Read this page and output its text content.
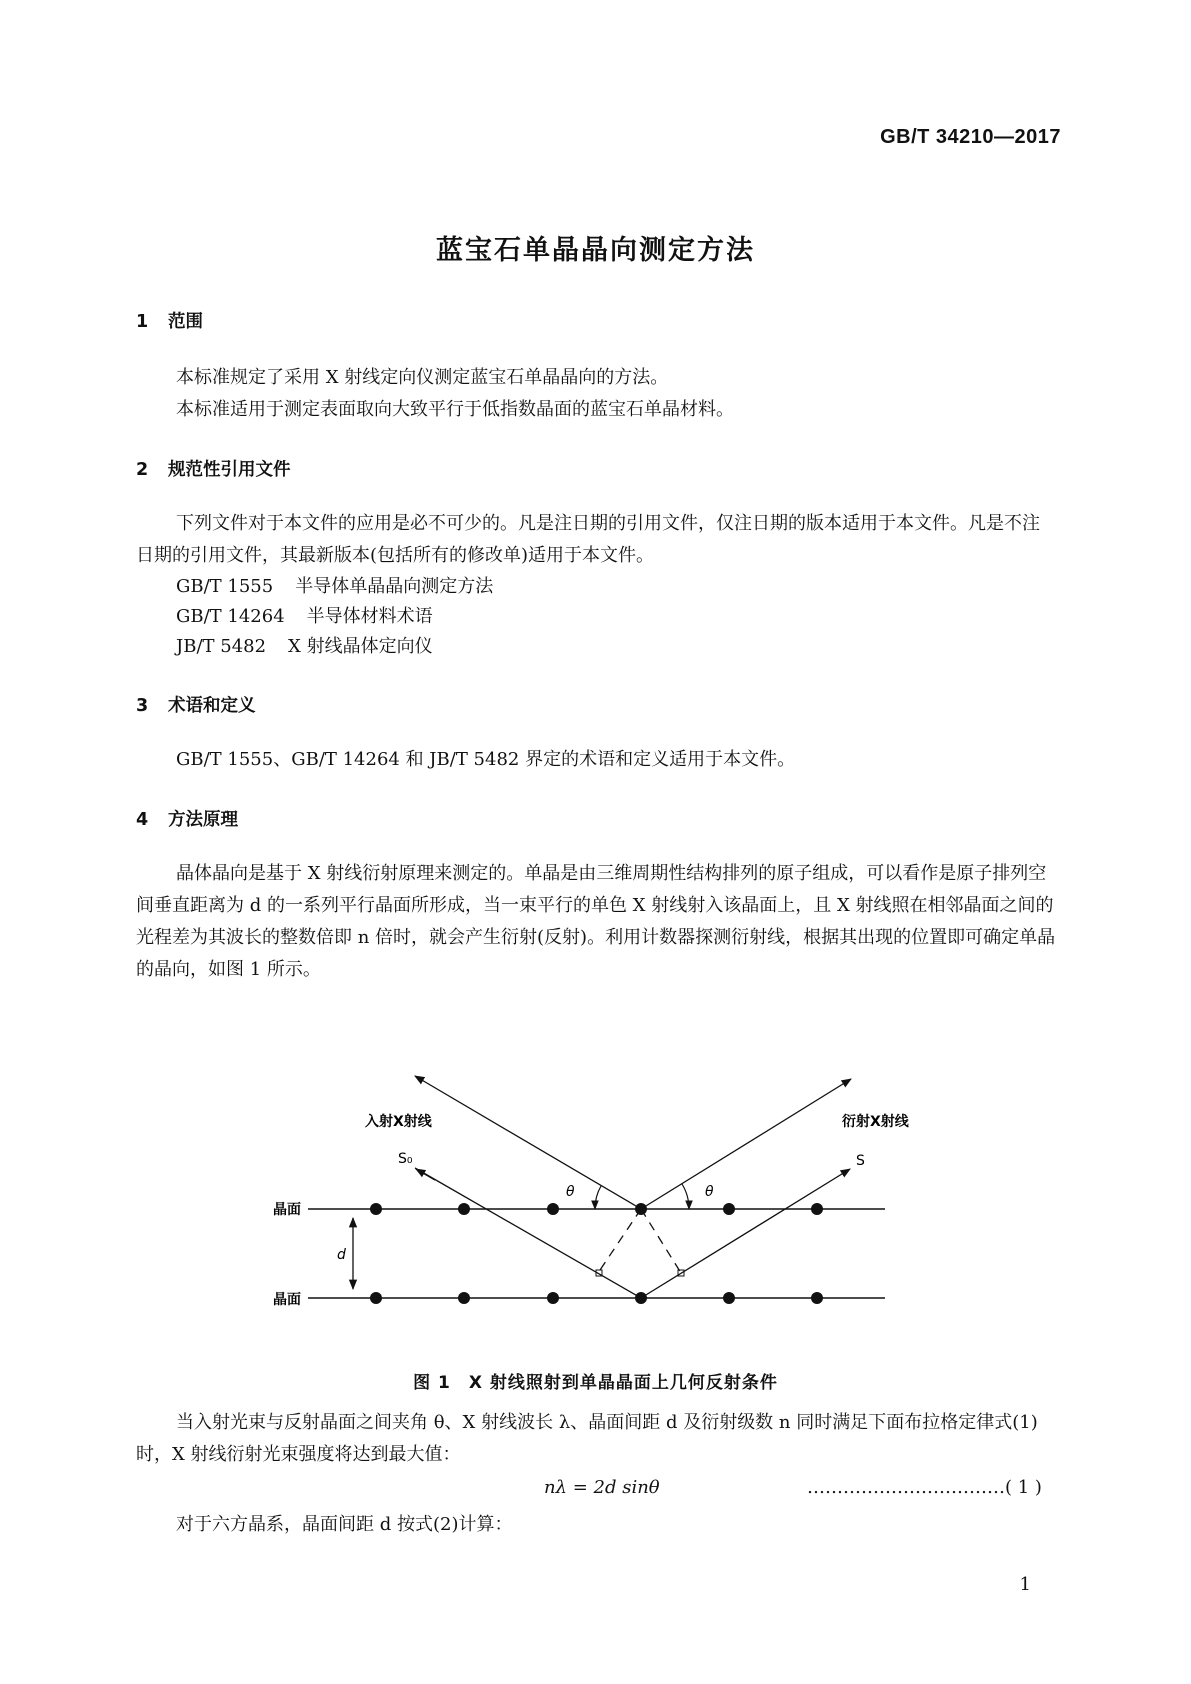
GB/T 34210—2017
蓝宝石单晶晶向测定方法
1 范围
本标准规定了采用 X 射线定向仪测定蓝宝石单晶晶向的方法。
本标准适用于测定表面取向大致平行于低指数晶面的蓝宝石单晶材料。
2 规范性引用文件
下列文件对于本文件的应用是必不可少的。凡是注日期的引用文件，仅注日期的版本适用于本文件。凡是不注日期的引用文件，其最新版本(包括所有的修改单)适用于本文件。
GB/T 1555 半导体单晶晶向测定方法
GB/T 14264 半导体材料术语
JB/T 5482 X 射线晶体定向仪
3 术语和定义
GB/T 1555、GB/T 14264 和 JB/T 5482 界定的术语和定义适用于本文件。
4 方法原理
晶体晶向是基于 X 射线衍射原理来测定的。单晶是由三维周期性结构排列的原子组成，可以看作是原子排列空间垂直距离为 d 的一系列平行晶面所形成，当一束平行的单色 X 射线射入该晶面上，且 X 射线照在相邻晶面之间的光程差为其波长的整数倍即 n 倍时，就会产生衍射(反射)。利用计数器探测衍射线，根据其出现的位置即可确定单晶的晶向，如图 1 所示。
入射X射线	衍射X射线
S₀	S
θ	θ
晶面
晶面
d
图 1　X 射线照射到单晶晶面上几何反射条件
当入射光束与反射晶面之间夹角 θ、X 射线波长 λ、晶面间距 d 及衍射级数 n 同时满足下面布拉格定律式(1)时，X 射线衍射光束强度将达到最大值：
nλ = 2d sinθ	……………………………( 1 )
对于六方晶系，晶面间距 d 按式(2)计算：
1
